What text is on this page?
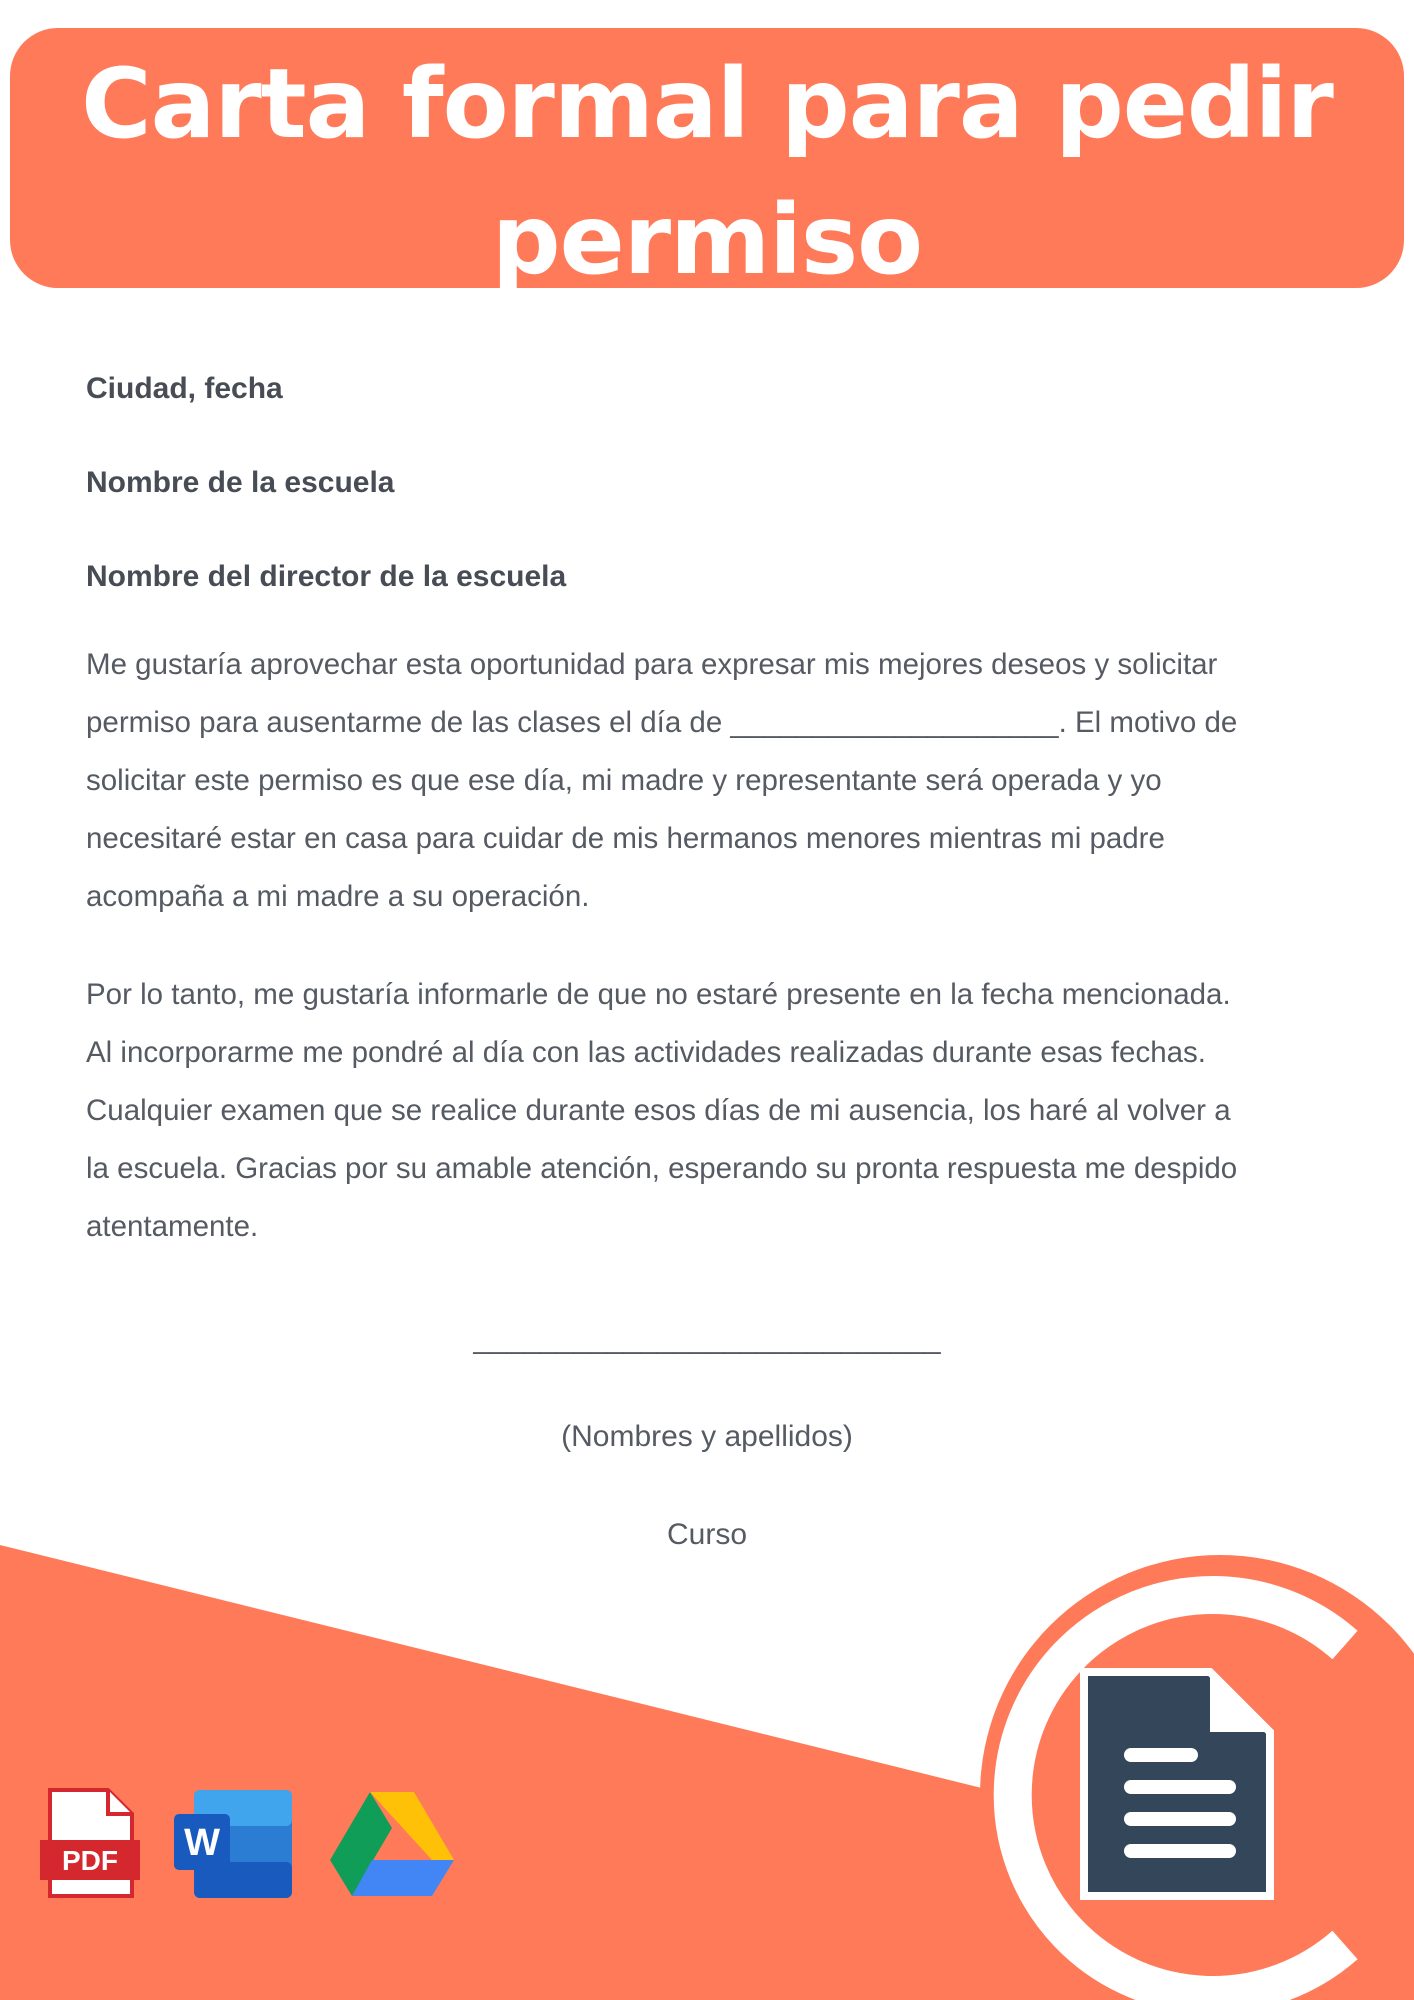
Carta formal para pedir
permiso

Ciudad, fecha

Nombre de la escuela

Nombre del director de la escuela

Me gustaría aprovechar esta oportunidad para expresar mis mejores deseos y solicitar

permiso para ausentarme de las clases el día de ____________________. El motivo de

solicitar este permiso es que ese día, mi madre y representante será operada y yo

necesitaré estar en casa para cuidar de mis hermanos menores mientras mi padre

acompaña a mi madre a su operación.

Por lo tanto, me gustaría informarle de que no estaré presente en la fecha mencionada.

Al incorporarme me pondré al día con las actividades realizadas durante esas fechas.

Cualquier examen que se realice durante esos días de mi ausencia, los haré al volver a

la escuela. Gracias por su amable atención, esperando su pronta respuesta me despido

atentamente.

____________________________
(Nombres y apellidos)
Curso
PDF W
